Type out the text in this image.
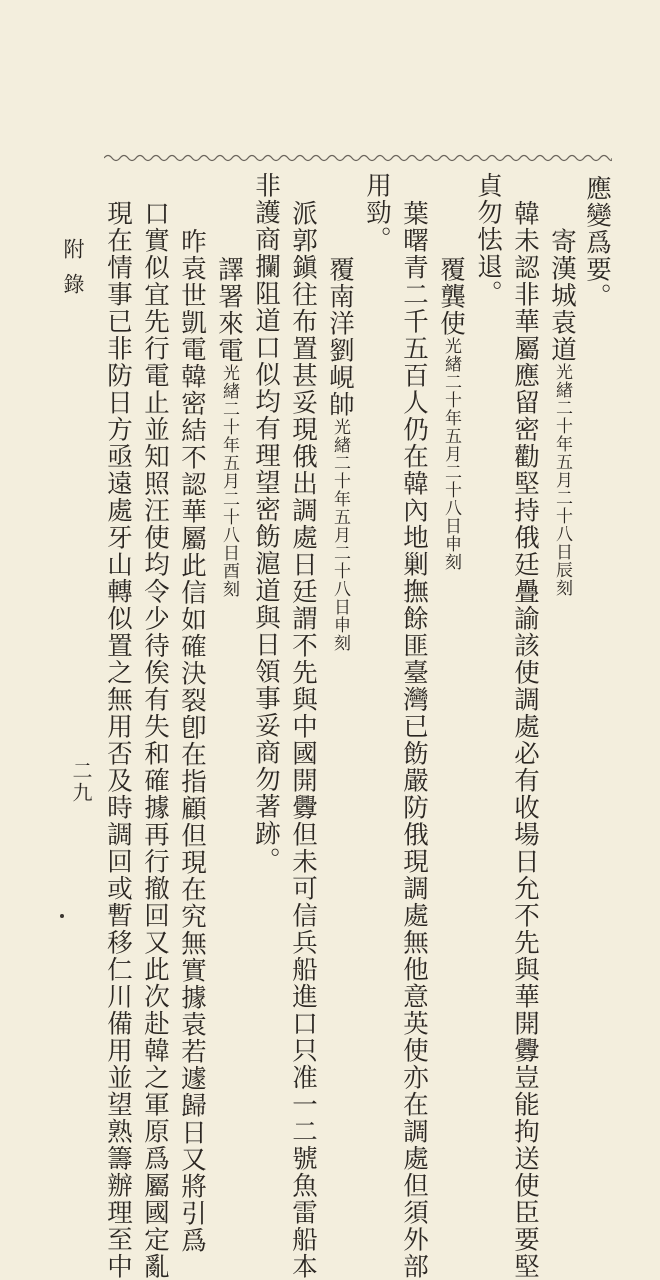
應變爲要。
寄漢城袁道光緖二十年五月二十八日辰刻
韓未認非華屬應留密勸堅持俄廷疊諭該使調處必有收場日允不先與華開釁豈能拘送使臣要堅
貞勿怯退。
覆龔使光緖二十年五月二十八日申刻
葉曙青二千五百人仍在韓內地剿撫餘匪臺灣已飭嚴防俄現調處無他意英使亦在調處但須外部
用勁。
覆南洋劉峴帥光緖二十年五月二十八日申刻
派郭鎭往布置甚妥現俄出調處日廷謂不先與中國開釁但未可信兵船進口只准一二號魚雷船本
非護商攔阻道口似均有理望密飭滬道與日領事妥商勿著跡。
譯署來電光緖二十年五月二十八日酉刻
昨袁世凱電韓密結不認華屬此信如確決裂卽在指顧但現在究無實據袁若遽歸日又將引爲
口實似宜先行電止並知照汪使均令少待俟有失和確據再行撤回又此次赴韓之軍原爲屬國定亂
現在情事已非防日方亟遠處牙山轉似置之無用否及時調回或暫移仁川備用並望熟籌辦理至中
附錄
二九
